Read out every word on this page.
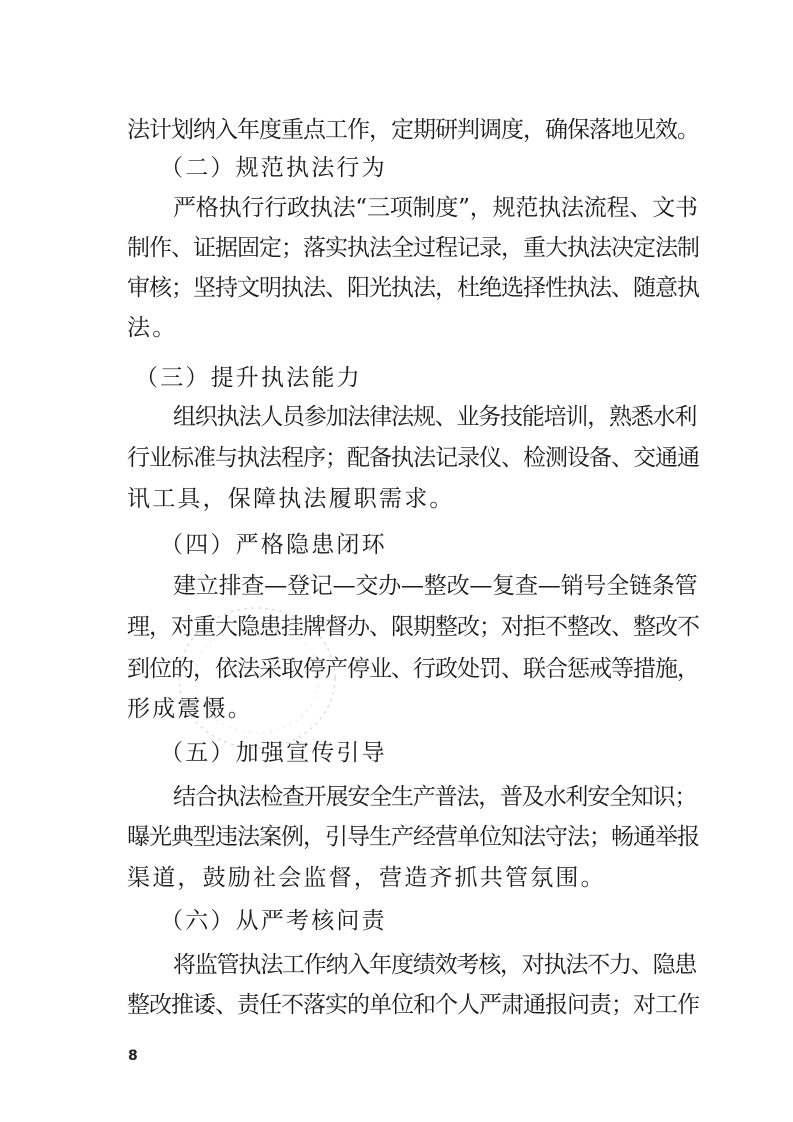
法计划纳入年度重点工作，定期研判调度，确保落地见效。
（二）规范执法行为
严格执行行政执法“三项制度”，规范执法流程、文书
制作、证据固定；落实执法全过程记录，重大执法决定法制
审核；坚持文明执法、阳光执法，杜绝选择性执法、随意执
法。
（三）提升执法能力
组织执法人员参加法律法规、业务技能培训，熟悉水利
行业标准与执法程序；配备执法记录仪、检测设备、交通通
讯工具，保障执法履职需求。
（四）严格隐患闭环
建立排查—登记—交办—整改—复查—销号全链条管
理，对重大隐患挂牌督办、限期整改；对拒不整改、整改不
到位的，依法采取停产停业、行政处罚、联合惩戒等措施，
形成震慑。
（五）加强宣传引导
结合执法检查开展安全生产普法，普及水利安全知识；
曝光典型违法案例，引导生产经营单位知法守法；畅通举报
渠道，鼓励社会监督，营造齐抓共管氛围。
（六）从严考核问责
将监管执法工作纳入年度绩效考核，对执法不力、隐患
整改推诿、责任不落实的单位和个人严肃通报问责；对工作
8
